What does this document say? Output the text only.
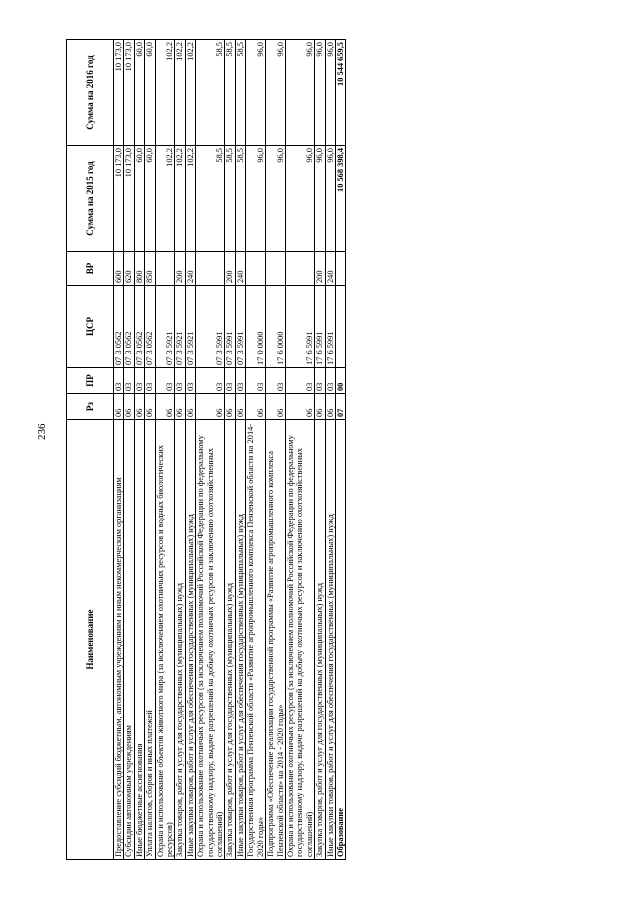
236
Наименование	Рз	ПР	ЦСР	ВР	Сумма на 2015 год	Сумма на 2016 год
Предоставление субсидий бюджетным, автономным учреждениям и иным некоммерческим организациям	06	03	07 3 0562	600	10 173,0	10 173,0
Субсидии автономным учреждениям	06	03	07 3 0562	620	10 173,0	10 173,0
Иные бюджетные ассигнования	06	03	07 3 0562	800	60,0	60,0
Уплата налогов, сборов и иных платежей	06	03	07 3 0562	850	60,0	60,0
Охрана и использование объектов животного мира (за исключением охотничьих ресурсов и водных биологических ресурсов)	06	03	07 3 5921		102,2	102,2
Закупка товаров, работ и услуг для государственных (муниципальных) нужд	06	03	07 3 5921	200	102,2	102,2
Иные закупки товаров, работ и услуг для обеспечения государственных (муниципальных) нужд	06	03	07 3 5921	240	102,2	102,2
Охрана и использование охотничьих ресурсов (за исключением полномочий Российской Федерации по федеральному государственному надзору, выдаче разрешений на добычу охотничьих ресурсов и заключению охотхозяйственных соглашений)	06	03	07 3 5991		58,5	58,5
Закупка товаров, работ и услуг для государственных (муниципальных) нужд	06	03	07 3 5991	200	58,5	58,5
Иные закупки товаров, работ и услуг для обеспечения государственных (муниципальных) нужд	06	03	07 3 5991	240	58,5	58,5
Государственная программа Пензенской области «Развитие агропромышленного комплекса Пензенской области на 2014-2020 годы»	06	03	17 0 0000		96,0	96,0
Подпрограмма «Обеспечение реализации государственной программы «Развитие агропромышленного комплекса Пензенской области» на 2014 - 2020 годы»	06	03	17 6 0000		96,0	96,0
Охрана и использование охотничьих ресурсов (за исключением полномочий Российской Федерации по федеральному государственному надзору, выдаче разрешений на добычу охотничьих ресурсов и заключению охотхозяйственных соглашений)	06	03	17 6 5991		96,0	96,0
Закупка товаров, работ и услуг для государственных (муниципальных) нужд	06	03	17 6 5991	200	96,0	96,0
Иные закупки товаров, работ и услуг для обеспечения государственных (муниципальных) нужд	06	03	17 6 5991	240	96,0	96,0
Образование	07	00			10 568 398,4	10 544 659,5
